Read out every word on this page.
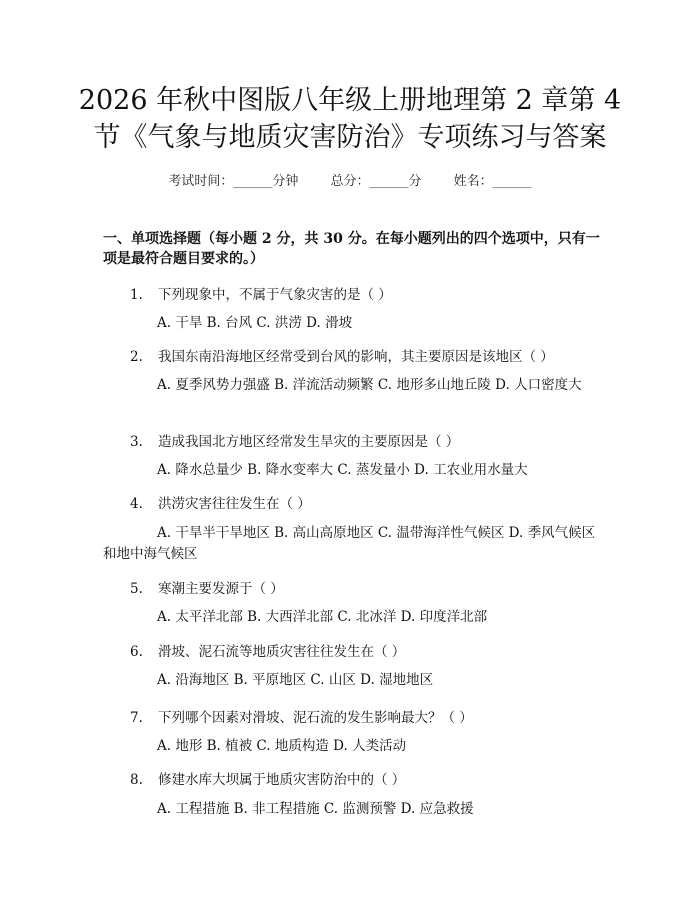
2026 年秋中图版八年级上册地理第 2 章第 4
节《气象与地质灾害防治》专项练习与答案
考试时间：______分钟 总分：______分 姓名：______
一、单项选择题（每小题 2 分，共 30 分。在每小题列出的四个选项中，只有一项是最符合题目要求的。）
1. 下列现象中，不属于气象灾害的是（ ）
A. 干旱 B. 台风 C. 洪涝 D. 滑坡
2. 我国东南沿海地区经常受到台风的影响，其主要原因是该地区（ ）
A. 夏季风势力强盛 B. 洋流活动频繁 C. 地形多山地丘陵 D. 人口密度大
3. 造成我国北方地区经常发生旱灾的主要原因是（ ）
A. 降水总量少 B. 降水变率大 C. 蒸发量小 D. 工农业用水量大
4. 洪涝灾害往往发生在（ ）
A. 干旱半干旱地区 B. 高山高原地区 C. 温带海洋性气候区 D. 季风气候区和地中海气候区
5. 寒潮主要发源于（ ）
A. 太平洋北部 B. 大西洋北部 C. 北冰洋 D. 印度洋北部
6. 滑坡、泥石流等地质灾害往往发生在（ ）
A. 沿海地区 B. 平原地区 C. 山区 D. 湿地地区
7. 下列哪个因素对滑坡、泥石流的发生影响最大？（ ）
A. 地形 B. 植被 C. 地质构造 D. 人类活动
8. 修建水库大坝属于地质灾害防治中的（ ）
A. 工程措施 B. 非工程措施 C. 监测预警 D. 应急救援
